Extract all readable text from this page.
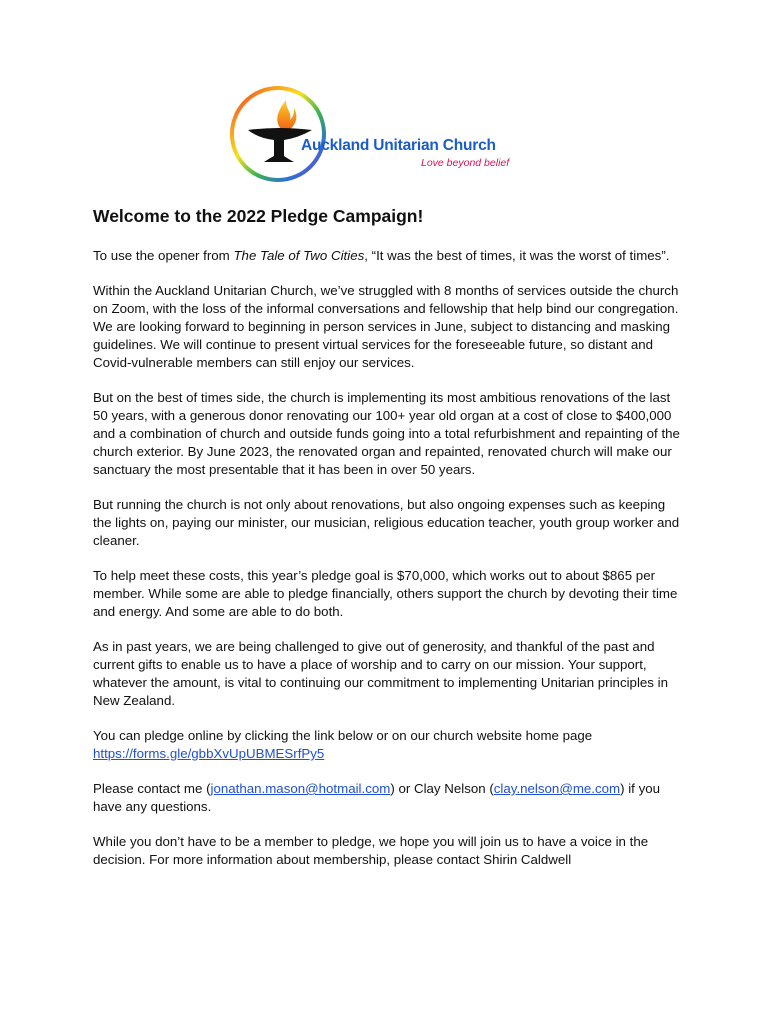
Auckland Unitarian Church
Love beyond belief
Welcome to the 2022 Pledge Campaign!

To use the opener from The Tale of Two Cities, “It was the best of times, it was the worst of times”.

Within the Auckland Unitarian Church, we’ve struggled with 8 months of services outside the church on Zoom, with the loss of the informal conversations and fellowship that help bind our congregation. We are looking forward to beginning in person services in June, subject to distancing and masking guidelines. We will continue to present virtual services for the foreseeable future, so distant and Covid-vulnerable members can still enjoy our services.

But on the best of times side, the church is implementing its most ambitious renovations of the last 50 years, with a generous donor renovating our 100+ year old organ at a cost of close to $400,000 and a combination of church and outside funds going into a total refurbishment and repainting of the church exterior. By June 2023, the renovated organ and repainted, renovated church will make our sanctuary the most presentable that it has been in over 50 years.

But running the church is not only about renovations, but also ongoing expenses such as keeping the lights on, paying our minister, our musician, religious education teacher, youth group worker and cleaner.

To help meet these costs, this year’s pledge goal is $70,000, which works out to about $865 per member. While some are able to pledge financially, others support the church by devoting their time and energy. And some are able to do both.

As in past years, we are being challenged to give out of generosity, and thankful of the past and current gifts to enable us to have a place of worship and to carry on our mission. Your support, whatever the amount, is vital to continuing our commitment to implementing Unitarian principles in New Zealand.

You can pledge online by clicking the link below or on our church website home page
https://forms.gle/gbbXvUpUBMESrfPy5

Please contact me (jonathan.mason@hotmail.com) or Clay Nelson (clay.nelson@me.com) if you have any questions.

While you don’t have to be a member to pledge, we hope you will join us to have a voice in the decision. For more information about membership, please contact Shirin Caldwell
